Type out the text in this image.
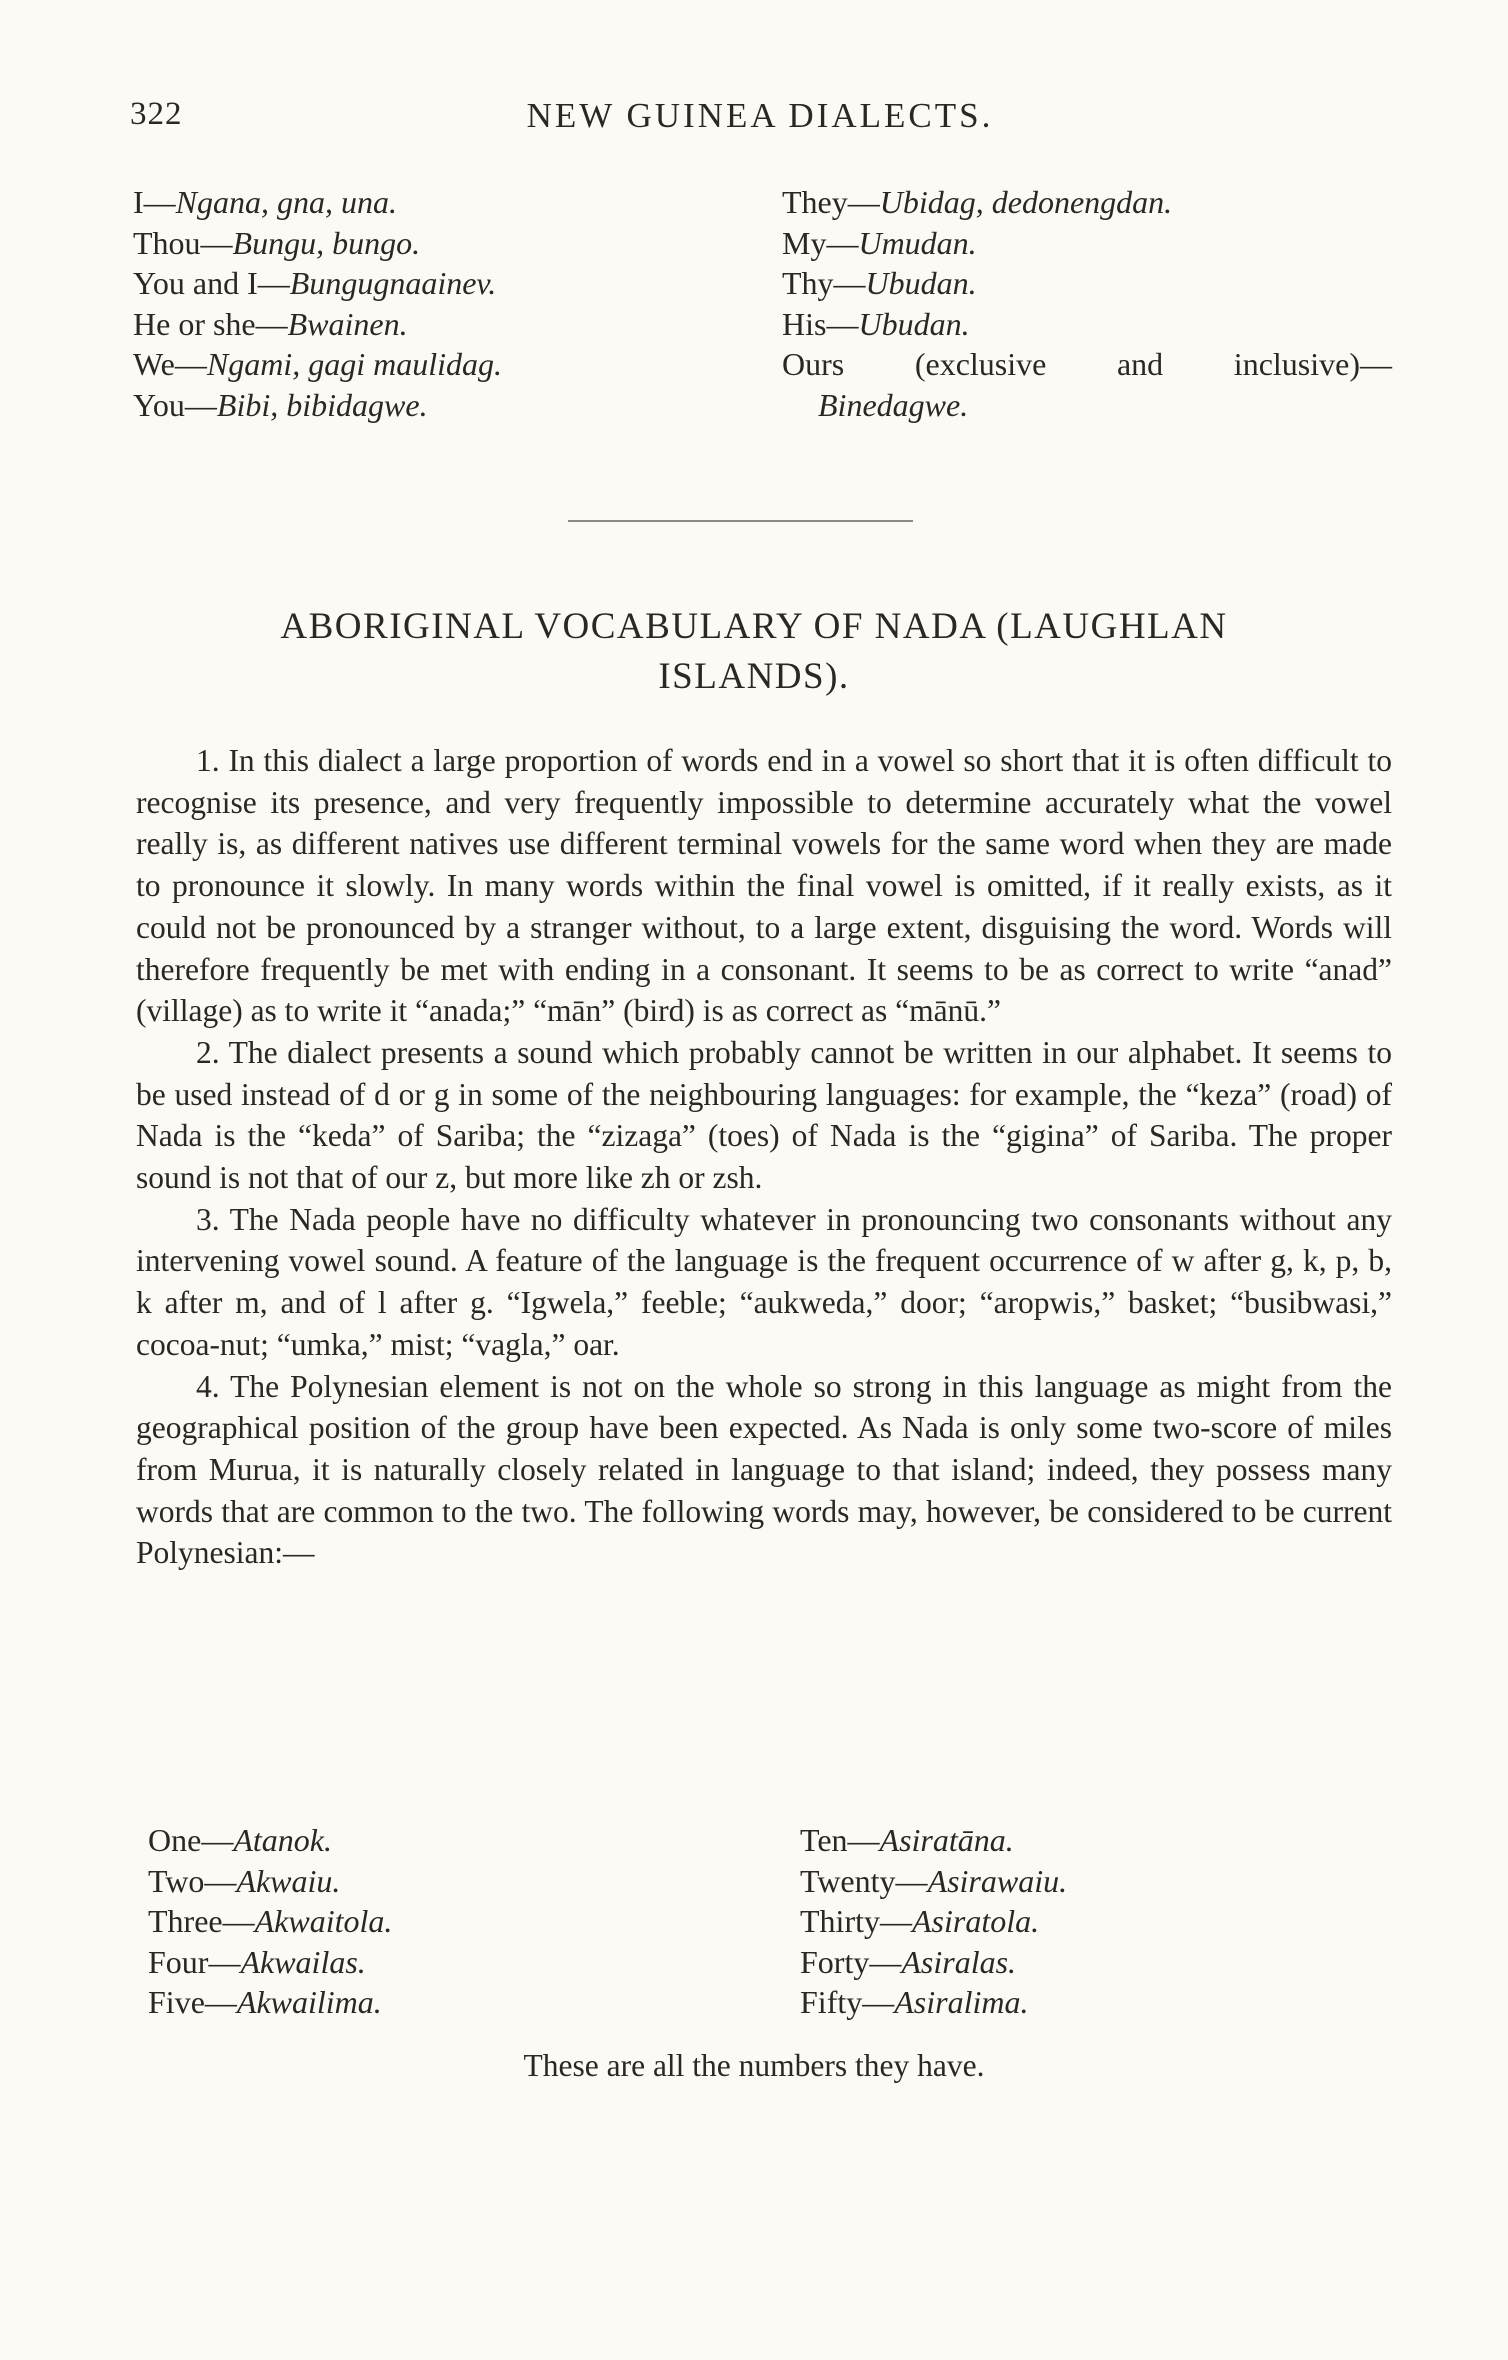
322	NEW GUINEA DIALECTS.
I—Ngana, gna, una.
Thou—Bungu, bungo.
You and I—Bungugnaainev.
He or she—Bwainen.
We—Ngami, gagi maulidag.
You—Bibi, bibidagwe.
They—Ubidag, dedonengdan.
My—Umudan.
Thy—Ubudan.
His—Ubudan.
Ours (exclusive and inclusive)—
Binedagwe.
ABORIGINAL VOCABULARY OF NADA (LAUGHLAN
ISLANDS).

1. In this dialect a large proportion of words end in a vowel so short that it is often difficult to recognise its presence, and very frequently impossible to determine accurately what the vowel really is, as different natives use different terminal vowels for the same word when they are made to pronounce it slowly. In many words within the final vowel is omitted, if it really exists, as it could not be pronounced by a stranger without, to a large extent, disguising the word. Words will therefore frequently be met with ending in a consonant. It seems to be as correct to write “anad” (village) as to write it “anada;” “mān” (bird) is as correct as “mānū.”

2. The dialect presents a sound which probably cannot be written in our alphabet. It seems to be used instead of d or g in some of the neighbouring languages: for example, the “keza” (road) of Nada is the “keda” of Sariba; the “zizaga” (toes) of Nada is the “gigina” of Sariba. The proper sound is not that of our z, but more like zh or zsh.

3. The Nada people have no difficulty whatever in pronouncing two consonants without any intervening vowel sound. A feature of the language is the frequent occurrence of w after g, k, p, b, k after m, and of l after g. “Igwela,” feeble; “aukweda,” door; “aropwis,” basket; “busibwasi,” cocoa-nut; “umka,” mist; “vagla,” oar.

4. The Polynesian element is not on the whole so strong in this language as might from the geographical position of the group have been expected. As Nada is only some two-score of miles from Murua, it is naturally closely related in language to that island; indeed, they possess many words that are common to the two. The following words may, however, be considered to be current Polynesian:—

One—Atanok.
Two—Akwaiu.
Three—Akwaitola.
Four—Akwailas.
Five—Akwailima.
Ten—Asiratāna.
Twenty—Asirawaiu.
Thirty—Asiratola.
Forty—Asiralas.
Fifty—Asiralima.
These are all the numbers they have.
